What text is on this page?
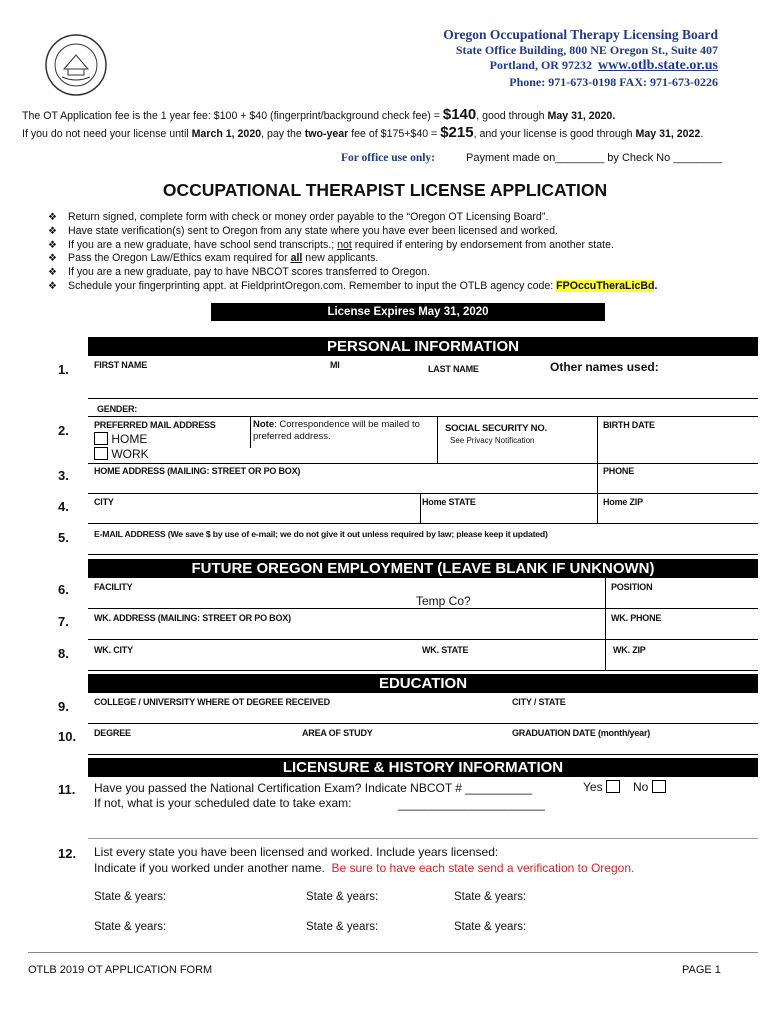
Oregon Occupational Therapy Licensing Board
State Office Building, 800 NE Oregon St., Suite 407
Portland, OR 97232 www.otlb.state.or.us
Phone: 971-673-0198 FAX: 971-673-0226
The OT Application fee is the 1 year fee: $100 + $40 (fingerprint/background check fee) = $140, good through May 31, 2020.
If you do not need your license until March 1, 2020, pay the two-year fee of $175+$40 = $215, and your license is good through May 31, 2022.
For office use only:	Payment made on________ by Check No ________
OCCUPATIONAL THERAPIST LICENSE APPLICATION
❖ Return signed, complete form with check or money order payable to the “Oregon OT Licensing Board”.
❖ Have state verification(s) sent to Oregon from any state where you have ever been licensed and worked.
❖ If you are a new graduate, have school send transcripts.; not required if entering by endorsement from another state.
❖ Pass the Oregon Law/Ethics exam required for all new applicants.
❖ If you are a new graduate, pay to have NBCOT scores transferred to Oregon.
❖ Schedule your fingerprinting appt. at FieldprintOregon.com. Remember to input the OTLB agency code: FPOccuTheraLicBd.
License Expires May 31, 2020
PERSONAL INFORMATION
1.	FIRST NAME	MI	LAST NAME	Other names used:
GENDER:
2.	PREFERRED MAIL ADDRESS
HOME
WORK
Note: Correspondence will be mailed to preferred address.
SOCIAL SECURITY NO.
See Privacy Notification
BIRTH DATE
3.	HOME ADDRESS (MAILING: STREET OR PO BOX)	PHONE
4.	CITY	Home STATE	Home ZIP
5.	E-MAIL ADDRESS (We save $ by use of e-mail; we do not give it out unless required by law; please keep it updated)
FUTURE OREGON EMPLOYMENT (LEAVE BLANK IF UNKNOWN)
6.	FACILITY
Temp Co?
POSITION
7.	WK. ADDRESS (MAILING: STREET OR PO BOX)	WK. PHONE
8.	WK. CITY	WK. STATE	WK. ZIP
EDUCATION
9.	COLLEGE / UNIVERSITY WHERE OT DEGREE RECEIVED	CITY / STATE
10. DEGREE	AREA OF STUDY	GRADUATION DATE (month/year)
LICENSURE & HISTORY INFORMATION
11. Have you passed the National Certification Exam? Indicate NBCOT # __________	Yes	No
If not, what is your scheduled date to take exam:	______________________
12. List every state you have been licensed and worked. Include years licensed:
Indicate if you worked under another name. Be sure to have each state send a verification to Oregon.
State & years:	State & years:	State & years:
State & years:	State & years:	State & years:
OTLB 2019 OT APPLICATION FORM	PAGE 1
